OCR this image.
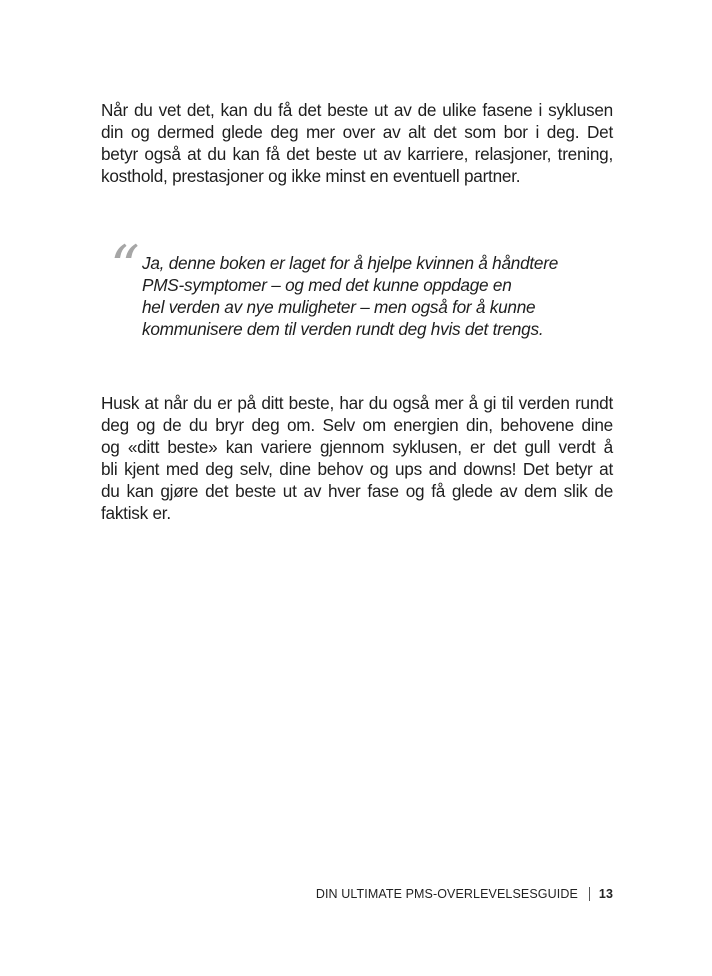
Når du vet det, kan du få det beste ut av de ulike fasene i syklusen
din og dermed glede deg mer over av alt det som bor i deg. Det
betyr også at du kan få det beste ut av karriere, relasjoner, trening,
kosthold, prestasjoner og ikke minst en eventuell partner.

“ Ja, denne boken er laget for å hjelpe kvinnen å håndtere
PMS-symptomer – og med det kunne oppdage en
hel verden av nye muligheter – men også for å kunne
kommunisere dem til verden rundt deg hvis det trengs.

Husk at når du er på ditt beste, har du også mer å gi til verden rundt
deg og de du bryr deg om. Selv om energien din, behovene dine
og «ditt beste» kan variere gjennom syklusen, er det gull verdt å
bli kjent med deg selv, dine behov og ups and downs! Det betyr at
du kan gjøre det beste ut av hver fase og få glede av dem slik de
faktisk er.

DIN ULTIMATE PMS-OVERLEVELSESGUIDE 13
